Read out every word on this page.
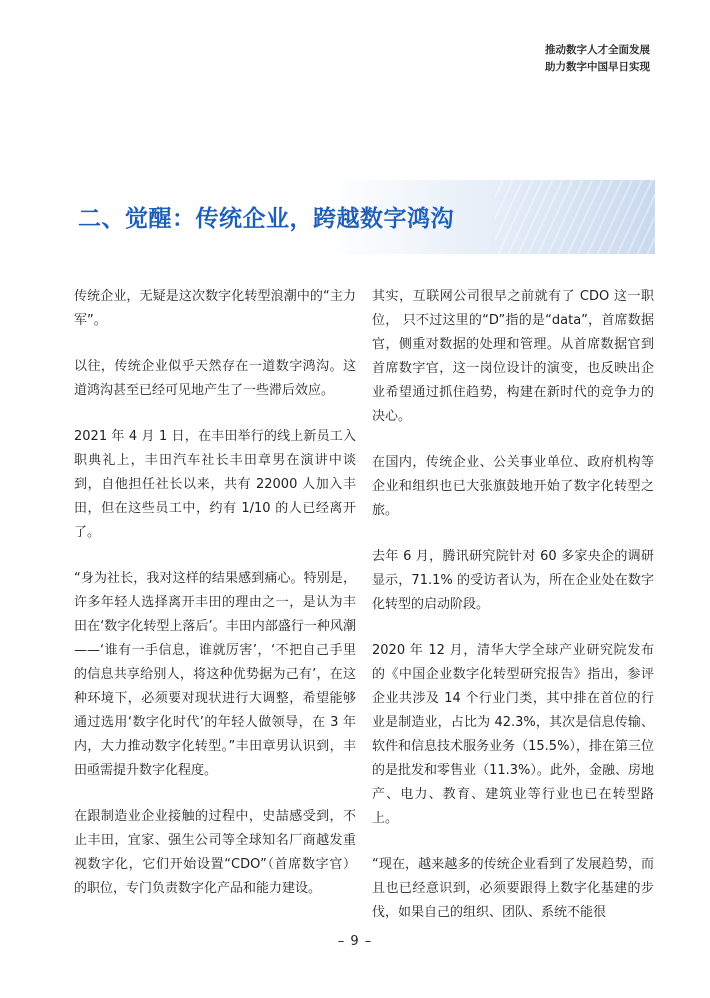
推动数字人才全面发展
助力数字中国早日实现
二、觉醒：传统企业，跨越数字鸿沟

传统企业，无疑是这次数字化转型浪潮中的“主力军”。

以往，传统企业似乎天然存在一道数字鸿沟。这道鸿沟甚至已经可见地产生了一些滞后效应。

2021 年 4 月 1 日，在丰田举行的线上新员工入职典礼上，丰田汽车社长丰田章男在演讲中谈到，自他担任社长以来，共有 22000 人加入丰田，但在这些员工中，约有 1/10 的人已经离开了。

“身为社长，我对这样的结果感到痛心。特别是，许多年轻人选择离开丰田的理由之一，是认为丰田在‘数字化转型上落后’。丰田内部盛行一种风潮——‘谁有一手信息，谁就厉害’，‘不把自己手里的信息共享给别人，将这种优势据为己有’，在这种环境下，必须要对现状进行大调整，希望能够通过选用‘数字化时代’的年轻人做领导，在 3 年内，大力推动数字化转型。”丰田章男认识到，丰田亟需提升数字化程度。

在跟制造业企业接触的过程中，史喆感受到，不止丰田，宜家、强生公司等全球知名厂商越发重视数字化，它们开始设置“CDO”（首席数字官）的职位，专门负责数字化产品和能力建设。

其实，互联网公司很早之前就有了 CDO 这一职位， 只不过这里的“D”指的是“data”，首席数据官，侧重对数据的处理和管理。从首席数据官到首席数字官，这一岗位设计的演变，也反映出企业希望通过抓住趋势，构建在新时代的竞争力的决心。

在国内，传统企业、公关事业单位、政府机构等企业和组织也已大张旗鼓地开始了数字化转型之旅。

去年 6 月，腾讯研究院针对 60 多家央企的调研显示，71.1% 的受访者认为，所在企业处在数字化转型的启动阶段。

2020 年 12 月，清华大学全球产业研究院发布的《中国企业数字化转型研究报告》指出，参评企业共涉及 14 个行业门类，其中排在首位的行业是制造业，占比为 42.3%，其次是信息传输、软件和信息技术服务业务（15.5%），排在第三位的是批发和零售业（11.3%）。此外，金融、房地产、电力、教育、建筑业等行业也已在转型路上。

“现在，越来越多的传统企业看到了发展趋势，而且也已经意识到，必须要跟得上数字化基建的步伐，如果自己的组织、团队、系统不能很

– 9 –
